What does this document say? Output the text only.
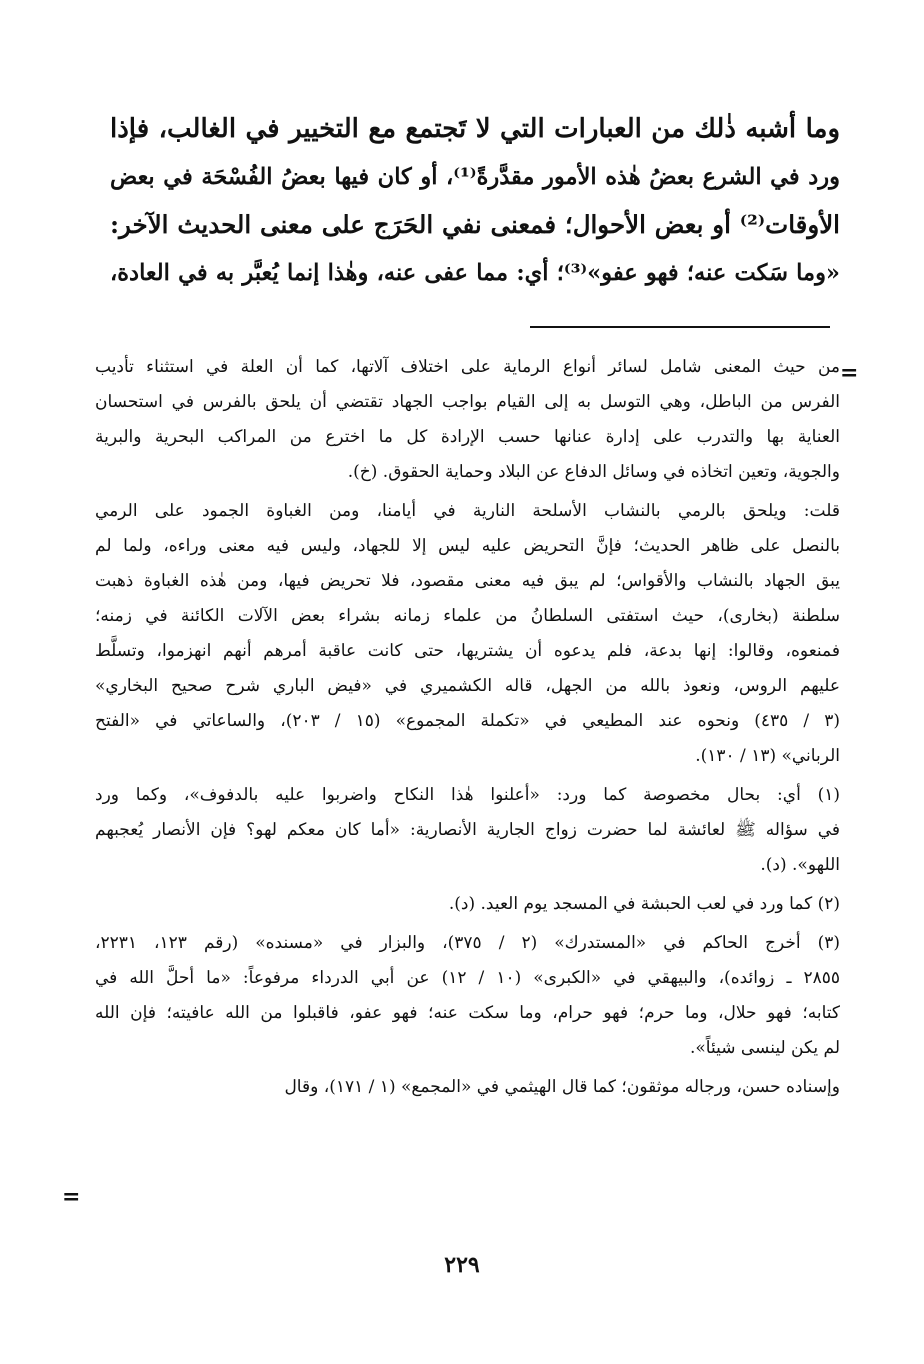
وما أشبه ذٰلك من العبارات التي لا تَجتمع مع التخيير في الغالب، فإذا
ورد في الشرع بعضُ هٰذه الأمور مقدَّرةً⁽¹⁾، أو كان فيها بعضُ الفُسْحَة في بعض
الأوقات⁽²⁾ أو بعض الأحوال؛ فمعنى نفي الحَرَج على معنى الحديث الآخر:
«وما سَكت عنه؛ فهو عفو»⁽³⁾؛ أي: مما عفى عنه، وهٰذا إنما يُعبَّر به في العادة،
=
من حيث المعنى شامل لسائر أنواع الرماية على اختلاف آلاتها، كما أن العلة في استثناء تأديب
الفرس من الباطل، وهي التوسل به إلى القيام بواجب الجهاد تقتضي أن يلحق بالفرس في استحسان
العناية بها والتدرب على إدارة عنانها حسب الإرادة كل ما اخترع من المراكب البحرية والبرية
والجوية، وتعين اتخاذه في وسائل الدفاع عن البلاد وحماية الحقوق. (خ).
قلت: ويلحق بالرمي بالنشاب الأسلحة النارية في أيامنا، ومن الغباوة الجمود على الرمي
بالنصل على ظاهر الحديث؛ فإنَّ التحريض عليه ليس إلا للجهاد، وليس فيه معنى وراءه، ولما لم
يبق الجهاد بالنشاب والأقواس؛ لم يبق فيه معنى مقصود، فلا تحريض فيها، ومن هٰذه الغباوة ذهبت
سلطنة (بخارى)، حيث استفتى السلطانُ من علماء زمانه بشراء بعض الآلات الكائنة في زمنه؛
فمنعوه، وقالوا: إنها بدعة، فلم يدعوه أن يشتريها، حتى كانت عاقبة أمرهم أنهم انهزموا، وتسلَّط
عليهم الروس، ونعوذ بالله من الجهل، قاله الكشميري في «فيض الباري شرح صحيح البخاري»
(٣ / ٤٣٥) ونحوه عند المطيعي في «تكملة المجموع» (١٥ / ٢٠٣)، والساعاتي في «الفتح
الرباني» (١٣ / ١٣٠).
(١) أي: بحال مخصوصة كما ورد: «أعلنوا هٰذا النكاح واضربوا عليه بالدفوف»، وكما ورد
في سؤاله ﷺ لعائشة لما حضرت زواج الجارية الأنصارية: «أما كان معكم لهو؟ فإن الأنصار يُعجبهم
اللهو». (د).
(٢) كما ورد في لعب الحبشة في المسجد يوم العيد. (د).
(٣) أخرج الحاكم في «المستدرك» (٢ / ٣٧٥)، والبزار في «مسنده» (رقم ١٢٣، ٢٢٣١،
٢٨٥٥ ـ زوائده)، والبيهقي في «الكبرى» (١٠ / ١٢) عن أبي الدرداء مرفوعاً: «ما أحلَّ الله في
كتابه؛ فهو حلال، وما حرم؛ فهو حرام، وما سكت عنه؛ فهو عفو، فاقبلوا من الله عافيته؛ فإن الله
لم يكن لينسى شيئاً».
وإسناده حسن، ورجاله موثقون؛ كما قال الهيثمي في «المجمع» (١ / ١٧١)، وقال
=
٢٢٩
